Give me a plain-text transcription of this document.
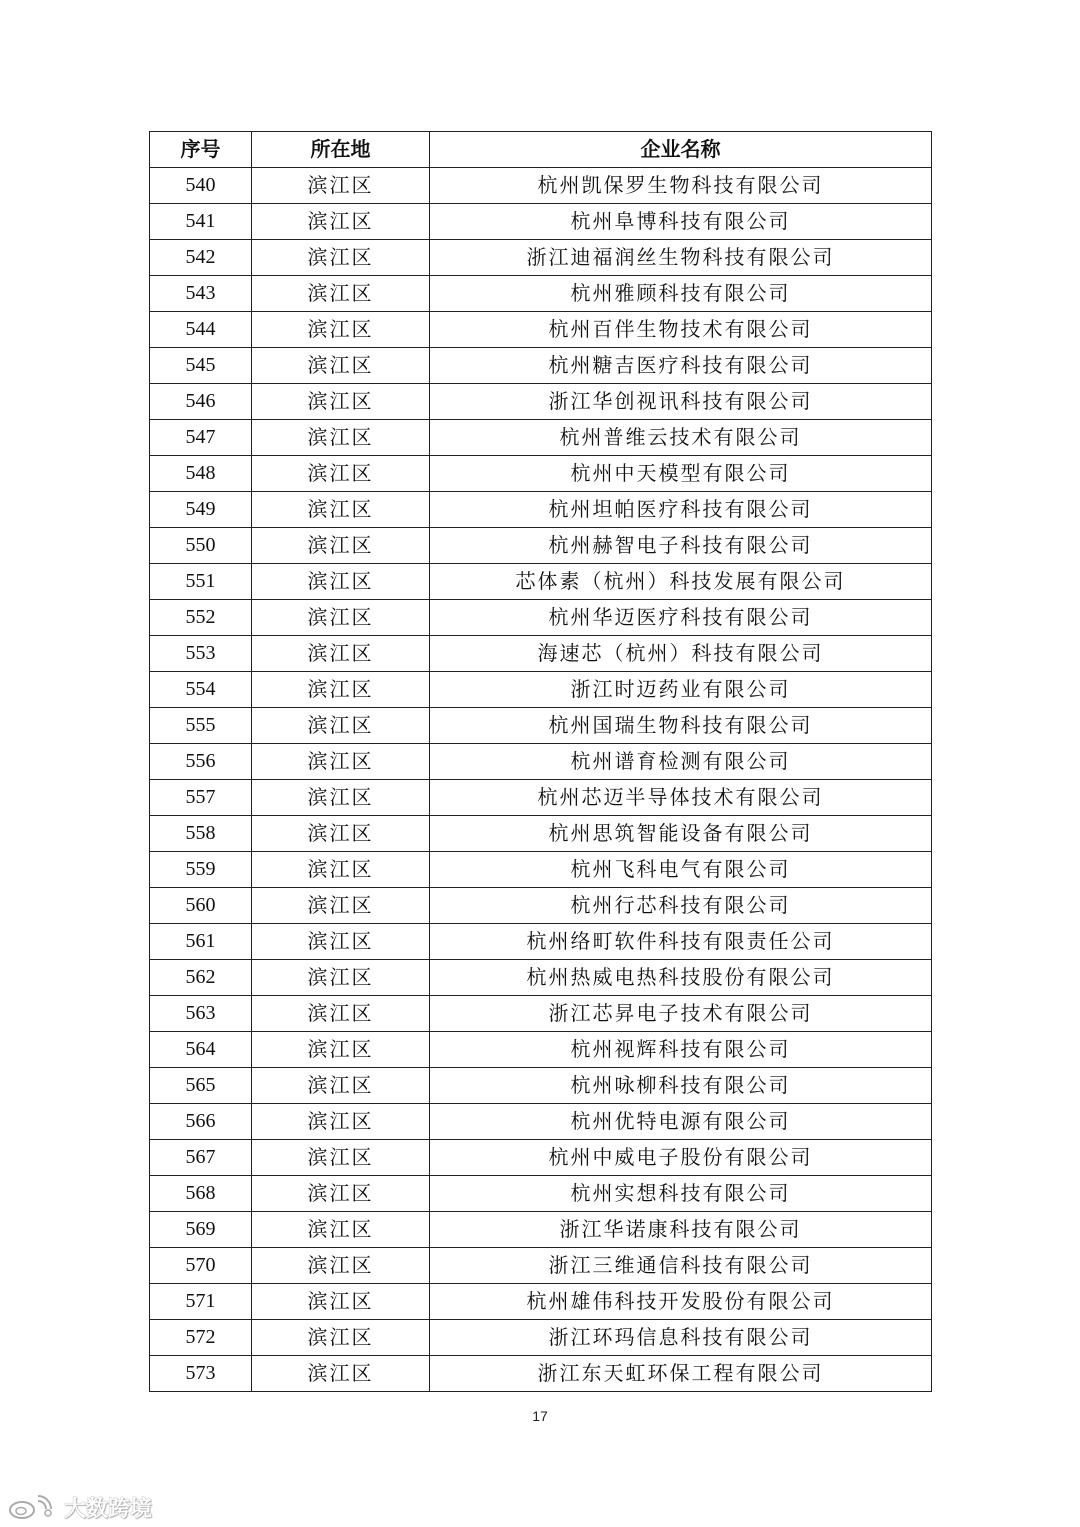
序号	所在地	企业名称
540	滨江区	杭州凯保罗生物科技有限公司
541	滨江区	杭州阜博科技有限公司
542	滨江区	浙江迪福润丝生物科技有限公司
543	滨江区	杭州雅顾科技有限公司
544	滨江区	杭州百伴生物技术有限公司
545	滨江区	杭州糖吉医疗科技有限公司
546	滨江区	浙江华创视讯科技有限公司
547	滨江区	杭州普维云技术有限公司
548	滨江区	杭州中天模型有限公司
549	滨江区	杭州坦帕医疗科技有限公司
550	滨江区	杭州赫智电子科技有限公司
551	滨江区	芯体素（杭州）科技发展有限公司
552	滨江区	杭州华迈医疗科技有限公司
553	滨江区	海速芯（杭州）科技有限公司
554	滨江区	浙江时迈药业有限公司
555	滨江区	杭州国瑞生物科技有限公司
556	滨江区	杭州谱育检测有限公司
557	滨江区	杭州芯迈半导体技术有限公司
558	滨江区	杭州思筑智能设备有限公司
559	滨江区	杭州飞科电气有限公司
560	滨江区	杭州行芯科技有限公司
561	滨江区	杭州络町软件科技有限责任公司
562	滨江区	杭州热威电热科技股份有限公司
563	滨江区	浙江芯昇电子技术有限公司
564	滨江区	杭州视辉科技有限公司
565	滨江区	杭州咏柳科技有限公司
566	滨江区	杭州优特电源有限公司
567	滨江区	杭州中威电子股份有限公司
568	滨江区	杭州实想科技有限公司
569	滨江区	浙江华诺康科技有限公司
570	滨江区	浙江三维通信科技有限公司
571	滨江区	杭州雄伟科技开发股份有限公司
572	滨江区	浙江环玛信息科技有限公司
573	滨江区	浙江东天虹环保工程有限公司
17
大数跨境
